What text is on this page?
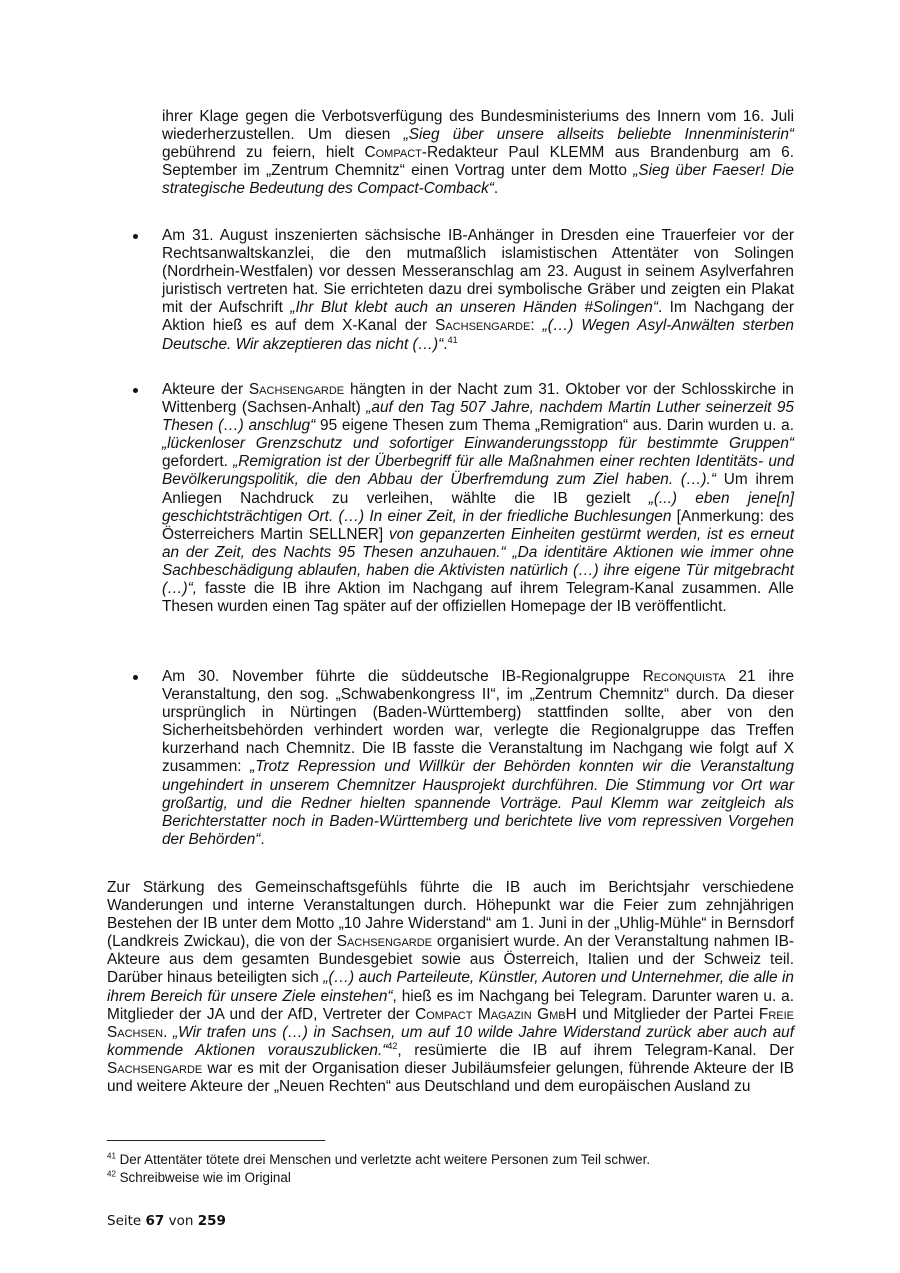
ihrer Klage gegen die Verbotsverfügung des Bundesministeriums des Innern vom 16. Juli wiederherzustellen. Um diesen „Sieg über unsere allseits beliebte Innenministerin“ gebührend zu feiern, hielt Compact-Redakteur Paul KLEMM aus Brandenburg am 6. September im „Zentrum Chemnitz“ einen Vortrag unter dem Motto „Sieg über Faeser! Die strategische Bedeutung des Compact-Comback“.

Am 31. August inszenierten sächsische IB-Anhänger in Dresden eine Trauerfeier vor der Rechtsanwaltskanzlei, die den mutmaßlich islamistischen Attentäter von Solingen (Nordrhein-Westfalen) vor dessen Messeranschlag am 23. August in seinem Asylverfahren juristisch vertreten hat. Sie errichteten dazu drei symbolische Gräber und zeigten ein Plakat mit der Aufschrift „Ihr Blut klebt auch an unseren Händen #Solingen“. Im Nachgang der Aktion hieß es auf dem X-Kanal der Sachsengarde: „(…) Wegen Asyl-Anwälten sterben Deutsche. Wir akzeptieren das nicht (…)“.$^{41}$

Akteure der Sachsengarde hängten in der Nacht zum 31. Oktober vor der Schlosskirche in Wittenberg (Sachsen-Anhalt) „auf den Tag 507 Jahre, nachdem Martin Luther seinerzeit 95 Thesen (…) anschlug“ 95 eigene Thesen zum Thema „Remigration“ aus. Darin wurden u. a. „lückenloser Grenzschutz und sofortiger Einwanderungsstopp für bestimmte Gruppen“ gefordert. „Remigration ist der Überbegriff für alle Maßnahmen einer rechten Identitäts- und Bevölkerungspolitik, die den Abbau der Überfremdung zum Ziel haben. (…).“ Um ihrem Anliegen Nachdruck zu verleihen, wählte die IB gezielt „(...) eben jene[n] geschichtsträchtigen Ort. (…) In einer Zeit, in der friedliche Buchlesungen [Anmerkung: des Österreichers Martin SELLNER] von gepanzerten Einheiten gestürmt werden, ist es erneut an der Zeit, des Nachts 95 Thesen anzuhauen.“ „Da identitäre Aktionen wie immer ohne Sachbeschädigung ablaufen, haben die Aktivisten natürlich (…) ihre eigene Tür mitgebracht (…)“, fasste die IB ihre Aktion im Nachgang auf ihrem Telegram-Kanal zusammen. Alle Thesen wurden einen Tag später auf der offiziellen Homepage der IB veröffentlicht.

Am 30. November führte die süddeutsche IB-Regionalgruppe Reconquista 21 ihre Veranstaltung, den sog. „Schwabenkongress II“, im „Zentrum Chemnitz“ durch. Da dieser ursprünglich in Nürtingen (Baden-Württemberg) stattfinden sollte, aber von den Sicherheitsbehörden verhindert worden war, verlegte die Regionalgruppe das Treffen kurzerhand nach Chemnitz. Die IB fasste die Veranstaltung im Nachgang wie folgt auf X zusammen: „Trotz Repression und Willkür der Behörden konnten wir die Veranstaltung ungehindert in unserem Chemnitzer Hausprojekt durchführen. Die Stimmung vor Ort war großartig, und die Redner hielten spannende Vorträge. Paul Klemm war zeitgleich als Berichterstatter noch in Baden-Württemberg und berichtete live vom repressiven Vorgehen der Behörden“.

Zur Stärkung des Gemeinschaftsgefühls führte die IB auch im Berichtsjahr verschiedene Wanderungen und interne Veranstaltungen durch. Höhepunkt war die Feier zum zehnjährigen Bestehen der IB unter dem Motto „10 Jahre Widerstand“ am 1. Juni in der „Uhlig-Mühle“ in Bernsdorf (Landkreis Zwickau), die von der Sachsengarde organisiert wurde. An der Veranstaltung nahmen IB-Akteure aus dem gesamten Bundesgebiet sowie aus Österreich, Italien und der Schweiz teil. Darüber hinaus beteiligten sich „(…) auch Parteileute, Künstler, Autoren und Unternehmer, die alle in ihrem Bereich für unsere Ziele einstehen“, hieß es im Nachgang bei Telegram. Darunter waren u. a. Mitglieder der JA und der AfD, Vertreter der Compact Magazin GmbH und Mitglieder der Partei Freie Sachsen. „Wir trafen uns (…) in Sachsen, um auf 10 wilde Jahre Widerstand zurück aber auch auf kommende Aktionen vorauszublicken.“$^{42}$, resümierte die IB auf ihrem Telegram-Kanal. Der Sachsengarde war es mit der Organisation dieser Jubiläumsfeier gelungen, führende Akteure der IB und weitere Akteure der „Neuen Rechten“ aus Deutschland und dem europäischen Ausland zu

$^{41}$ Der Attentäter tötete drei Menschen und verletzte acht weitere Personen zum Teil schwer.
$^{42}$ Schreibweise wie im Original
Seite 67 von 259
